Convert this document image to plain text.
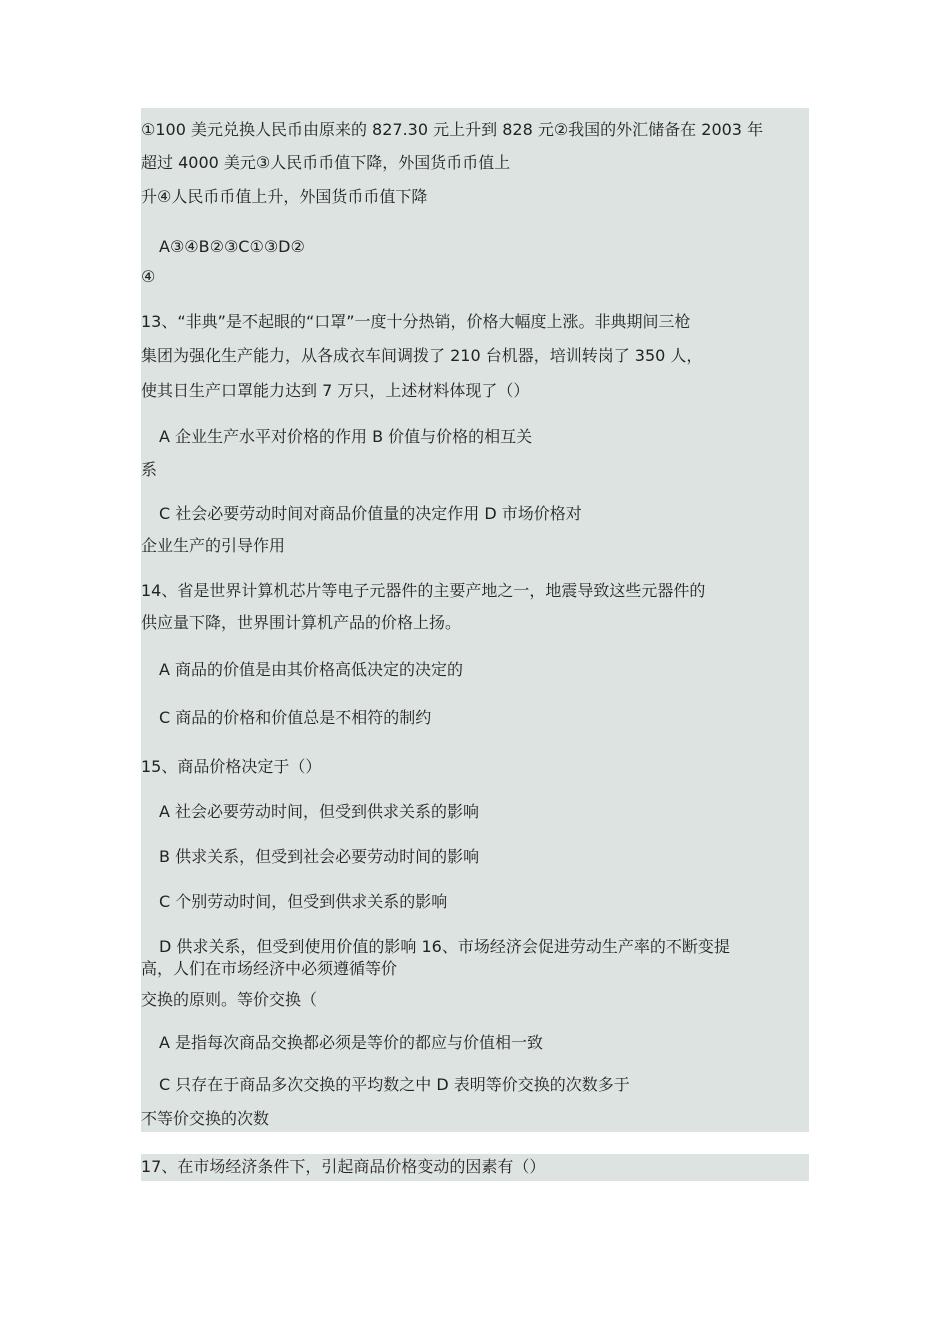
①100 美元兑换人民币由原来的 827.30 元上升到 828 元②我国的外汇储备在 2003 年
超过 4000 美元③人民币币值下降，外国货币币值上
升④人民币币值上升，外国货币币值下降
A③④B②③C①③D②
④
13、“非典”是不起眼的“口罩”一度十分热销，价格大幅度上涨。非典期间三枪
集团为强化生产能力，从各成衣车间调拨了 210 台机器，培训转岗了 350 人，
使其日生产口罩能力达到 7 万只，上述材料体现了（）
A 企业生产水平对价格的作用 B 价值与价格的相互关
系
C 社会必要劳动时间对商品价值量的决定作用 D 市场价格对
企业生产的引导作用
14、省是世界计算机芯片等电子元器件的主要产地之一，地震导致这些元器件的
供应量下降，世界围计算机产品的价格上扬。
A 商品的价值是由其价格高低决定的决定的
C 商品的价格和价值总是不相符的制约
15、商品价格决定于（）
A 社会必要劳动时间，但受到供求关系的影响
B 供求关系，但受到社会必要劳动时间的影响
C 个别劳动时间，但受到供求关系的影响
D 供求关系，但受到使用价值的影响 16、市场经济会促进劳动生产率的不断变提
高，人们在市场经济中必须遵循等价
交换的原则。等价交换（
A 是指每次商品交换都必须是等价的都应与价值相一致
C 只存在于商品多次交换的平均数之中 D 表明等价交换的次数多于
不等价交换的次数
17、在市场经济条件下，引起商品价格变动的因素有（）
